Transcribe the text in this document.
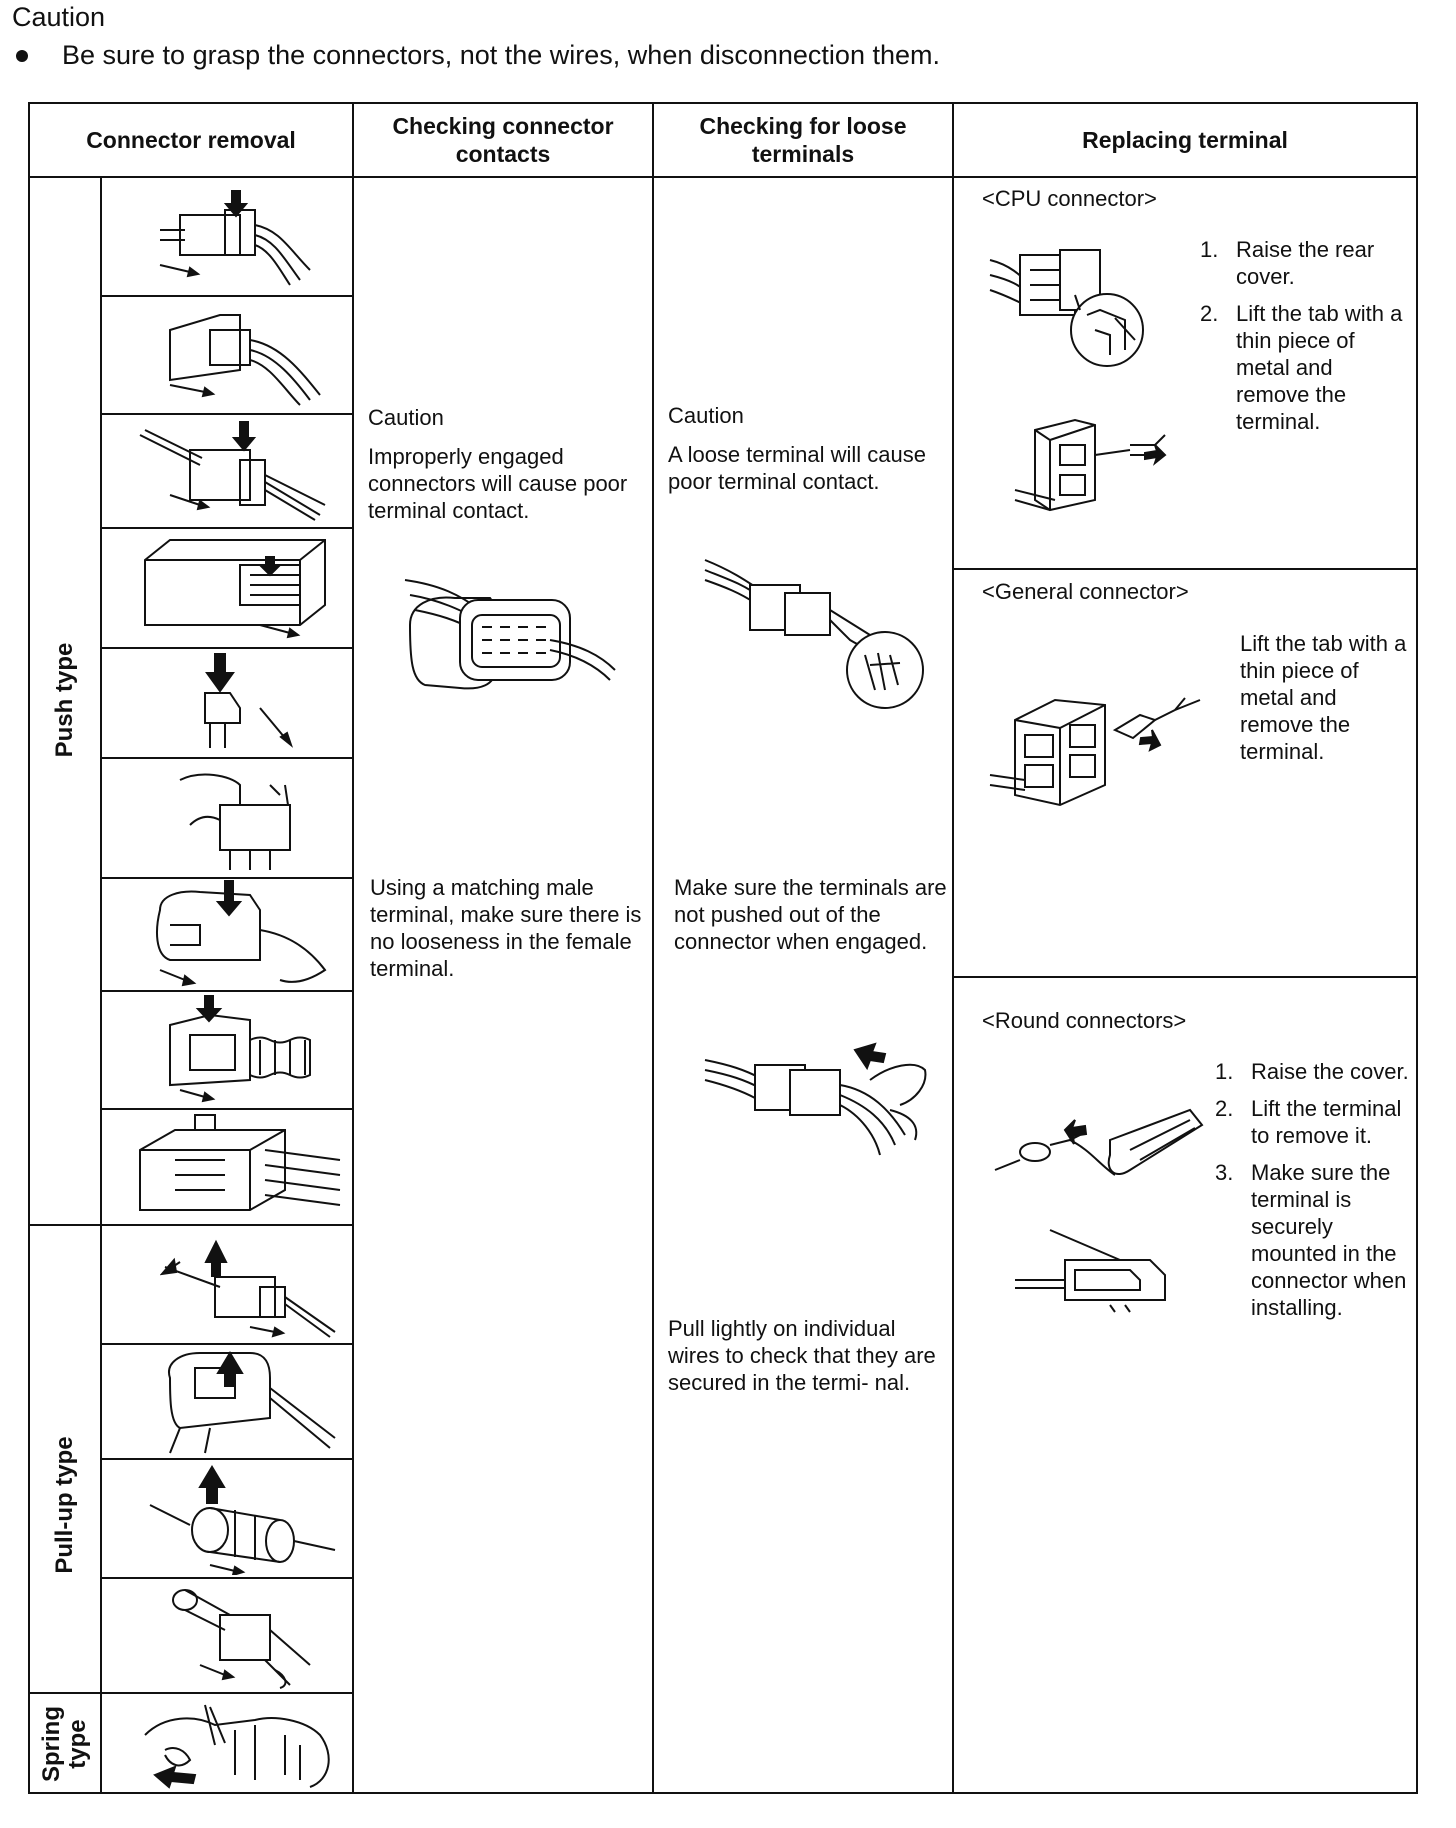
Caution
Be sure to grasp the connectors, not the wires, when disconnection them.
Connector removal
Checking connector contacts
Checking for loose terminals
Replacing terminal
Push type
Pull-up type
Spring type
Caution
Improperly engaged connectors will cause poor terminal contact.
Using a matching male terminal, make sure there is no looseness in the female terminal.
Caution
A loose terminal will cause poor terminal contact.
Make sure the terminals are not pushed out of the connector when engaged.
Pull lightly on individual wires to check that they are secured in the termi- nal.
<CPU connector>
1. Raise the rear cover.
2. Lift the tab with a thin piece of metal and remove the terminal.
<General connector>
Lift the tab with a thin piece of metal and remove the terminal.
<Round connectors>
1. Raise the cover.
2. Lift the terminal to remove it.
3. Make sure the terminal is securely mounted in the connector when installing.
